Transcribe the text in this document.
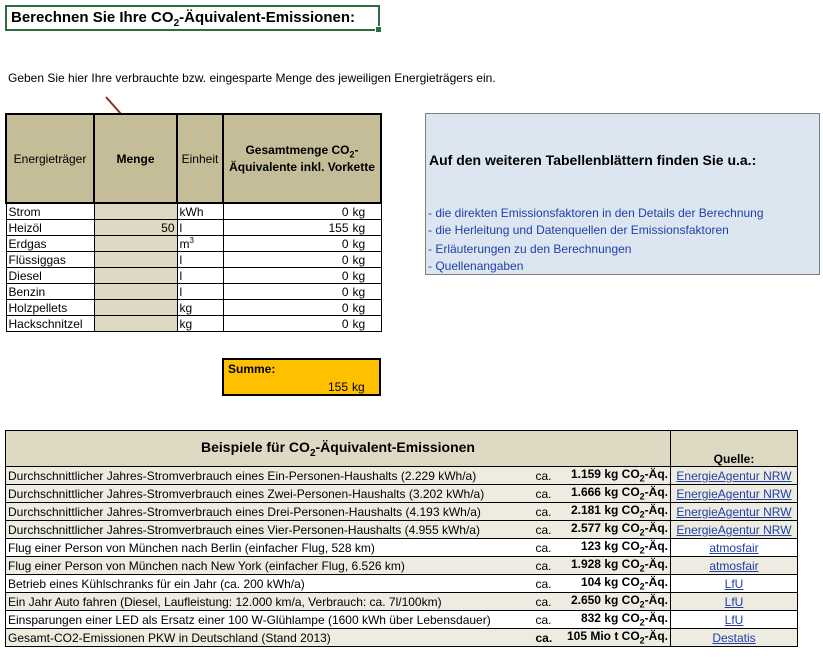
Berechnen Sie Ihre $CO_2-Äquivalent$-Emissionen:
Geben Sie hier Ihre verbrauchte bzw. eingesparte Menge des jeweiligen Energieträgers ein.
Energieträger	Menge	Einheit	Gesamtmenge $CO_2$-Äquivalente inkl. Vorkette
Strom		kWh	0 kg
Heizöl	50	l	155 kg
Erdgas		$m^3$	0 kg
Flüssiggas		l	0 kg
Diesel		l	0 kg
Benzin		l	0 kg
Holzpellets		kg	0 kg
Hackschnitzel		kg	0 kg
Summe:
155 kg
Auf den weiteren Tabellenblättern finden Sie u.a.:
- die direkten Emissionsfaktoren in den Details der Berechnung
- die Herleitung und Datenquellen der Emissionsfaktoren
- Erläuterungen zu den Berechnungen
- Quellenangaben
Beispiele für $CO_2-Äquivalent$-Emissionen			Quelle:
Durchschnittlicher Jahres-Stromverbrauch eines Ein-Personen-Haushalts (2.229 kWh/a)	ca.	1.159 kg $CO_2-Äq$.	EnergieAgentur NRW
Durchschnittlicher Jahres-Stromverbrauch eines Zwei-Personen-Haushalts (3.202 kWh/a)	ca.	1.666 kg $CO_2-Äq$.	EnergieAgentur NRW
Durchschnittlicher Jahres-Stromverbrauch eines Drei-Personen-Haushalts (4.193 kWh/a)	ca.	2.181 kg $CO_2-Äq$.	EnergieAgentur NRW
Durchschnittlicher Jahres-Stromverbrauch eines Vier-Personen-Haushalts (4.955 kWh/a)	ca.	2.577 kg $CO_2-Äq$.	EnergieAgentur NRW
Flug einer Person von München nach Berlin (einfacher Flug, 528 km)	ca.	123 kg $CO_2-Äq$.	atmosfair
Flug einer Person von München nach New York (einfacher Flug, 6.526 km)	ca.	1.928 kg $CO_2-Äq$.	atmosfair
Betrieb eines Kühlschranks für ein Jahr (ca. 200 kWh/a)	ca.	104 kg $CO_2-Äq$.	LfU
Ein Jahr Auto fahren (Diesel, Laufleistung: 12.000 km/a, Verbrauch: ca. 7l/100km)	ca.	2.650 kg $CO_2-Äq$.	LfU
Einsparungen einer LED als Ersatz einer 100 W-Glühlampe (1600 kWh über Lebensdauer)	ca.	832 kg $CO_2-Äq$.	LfU
Gesamt-CO2-Emissionen PKW in Deutschland (Stand 2013)	ca.	105 Mio t $CO_2-Äq$.	Destatis
